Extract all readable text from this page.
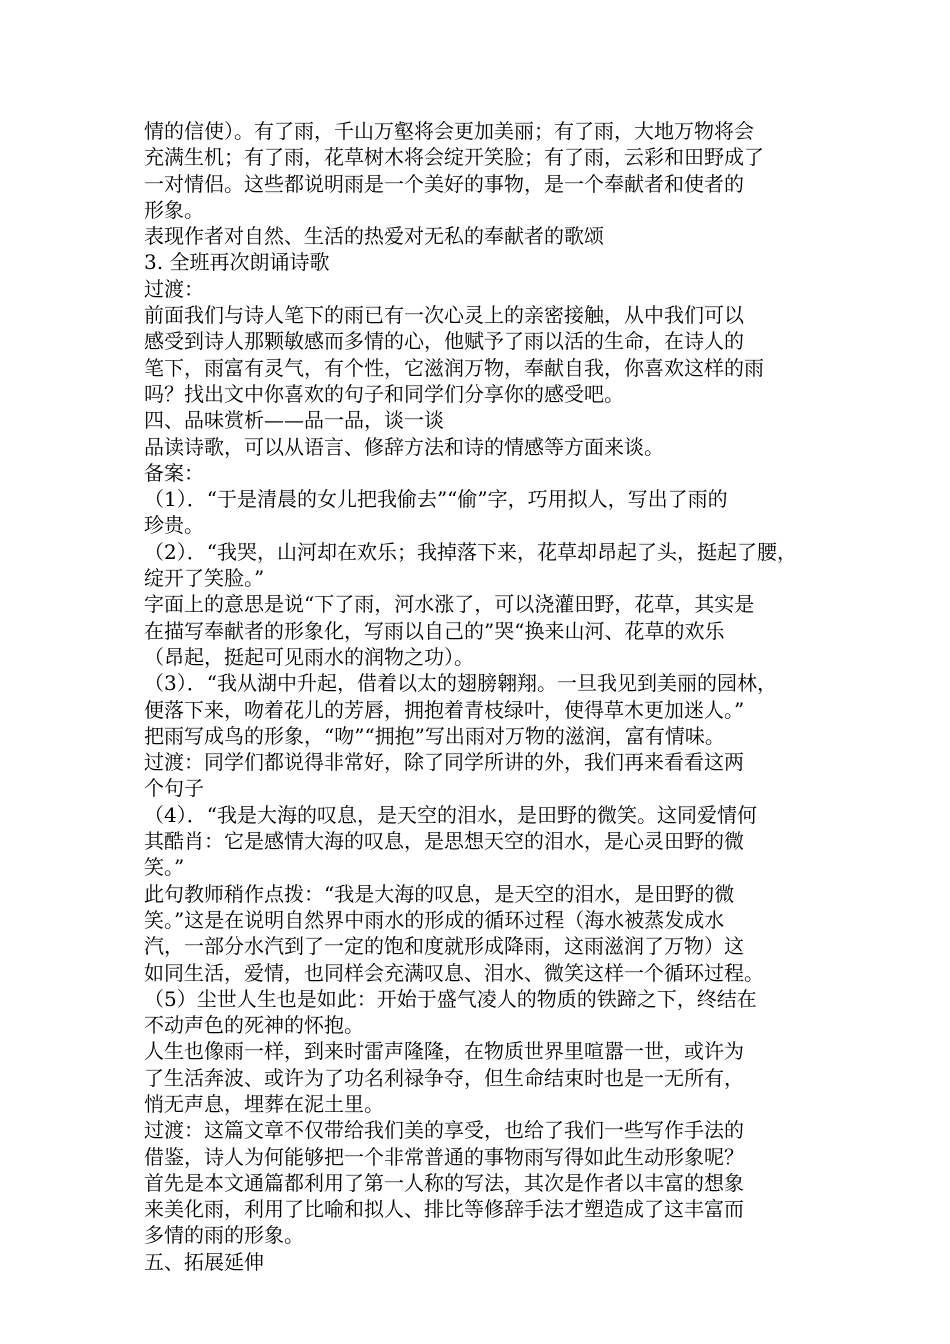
情的信使）。有了雨，千山万壑将会更加美丽；有了雨，大地万物将会
充满生机；有了雨，花草树木将会绽开笑脸；有了雨，云彩和田野成了
一对情侣。这些都说明雨是一个美好的事物，是一个奉献者和使者的
形象。
表现作者对自然、生活的热爱对无私的奉献者的歌颂
3. 全班再次朗诵诗歌
过渡：
前面我们与诗人笔下的雨已有一次心灵上的亲密接触，从中我们可以
感受到诗人那颗敏感而多情的心，他赋予了雨以活的生命，在诗人的
笔下，雨富有灵气，有个性，它滋润万物，奉献自我，你喜欢这样的雨
吗？找出文中你喜欢的句子和同学们分享你的感受吧。
四、品味赏析——品一品，谈一谈
品读诗歌，可以从语言、修辞方法和诗的情感等方面来谈。
备案：
（1）．“于是清晨的女儿把我偷去”“偷”字，巧用拟人，写出了雨的
珍贵。
（2）．“我哭，山河却在欢乐；我掉落下来，花草却昂起了头，挺起了腰，
绽开了笑脸。”
字面上的意思是说“下了雨，河水涨了，可以浇灌田野，花草，其实是
在描写奉献者的形象化，写雨以自己的”哭“换来山河、花草的欢乐
（昂起，挺起可见雨水的润物之功）。
（3）．“我从湖中升起，借着以太的翅膀翱翔。一旦我见到美丽的园林，
便落下来，吻着花儿的芳唇，拥抱着青枝绿叶，使得草木更加迷人。”
把雨写成鸟的形象，“吻”“拥抱”写出雨对万物的滋润，富有情味。
过渡：同学们都说得非常好，除了同学所讲的外，我们再来看看这两
个句子
（4）．“我是大海的叹息，是天空的泪水，是田野的微笑。这同爱情何
其酷肖：它是感情大海的叹息，是思想天空的泪水，是心灵田野的微
笑。”
此句教师稍作点拨：“我是大海的叹息，是天空的泪水，是田野的微
笑。”这是在说明自然界中雨水的形成的循环过程（海水被蒸发成水
汽，一部分水汽到了一定的饱和度就形成降雨，这雨滋润了万物）这
如同生活，爱情，也同样会充满叹息、泪水、微笑这样一个循环过程。
（5）尘世人生也是如此：开始于盛气凌人的物质的铁蹄之下，终结在
不动声色的死神的怀抱。
人生也像雨一样，到来时雷声隆隆，在物质世界里喧嚣一世，或许为
了生活奔波、或许为了功名利禄争夺，但生命结束时也是一无所有，
悄无声息，埋葬在泥土里。
过渡：这篇文章不仅带给我们美的享受，也给了我们一些写作手法的
借鉴，诗人为何能够把一个非常普通的事物雨写得如此生动形象呢？
首先是本文通篇都利用了第一人称的写法，其次是作者以丰富的想象
来美化雨，利用了比喻和拟人、排比等修辞手法才塑造成了这丰富而
多情的雨的形象。
五、拓展延伸
